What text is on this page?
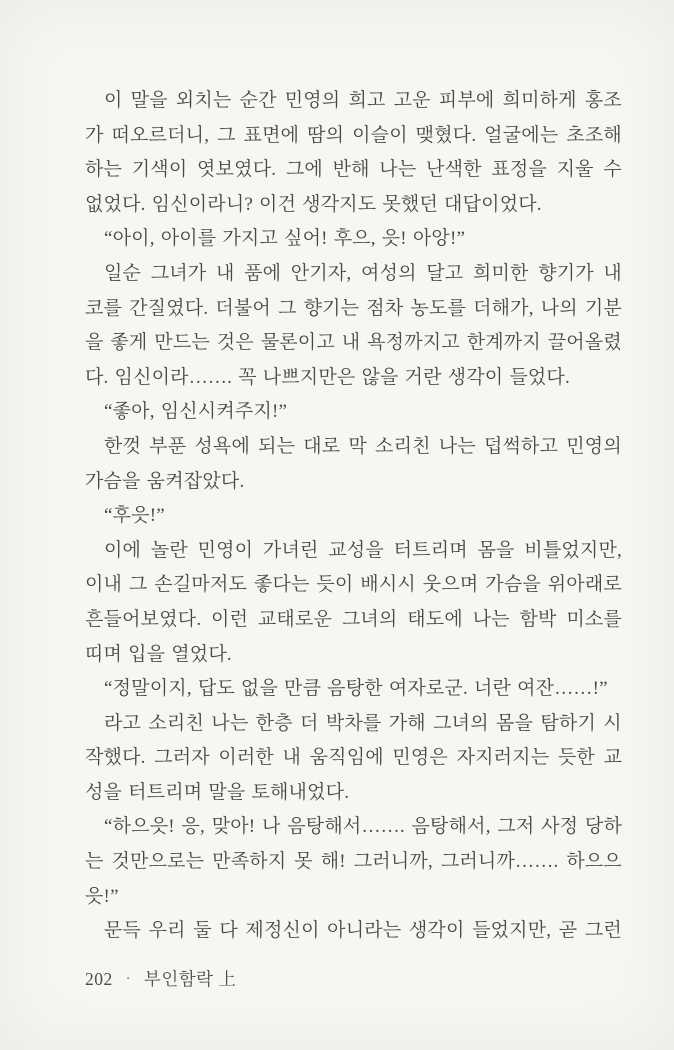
이 말을 외치는 순간 민영의 희고 고운 피부에 희미하게 홍조
가 떠오르더니, 그 표면에 땀의 이슬이 맺혔다. 얼굴에는 초조해
하는 기색이 엿보였다. 그에 반해 나는 난색한 표정을 지울 수
없었다. 임신이라니? 이건 생각지도 못했던 대답이었다.
“아이, 아이를 가지고 싶어! 후으, 읏! 아앙!”
일순 그녀가 내 품에 안기자, 여성의 달고 희미한 향기가 내
코를 간질였다. 더불어 그 향기는 점차 농도를 더해가, 나의 기분
을 좋게 만드는 것은 물론이고 내 욕정까지고 한계까지 끌어올렸
다. 임신이라……. 꼭 나쁘지만은 않을 거란 생각이 들었다.
“좋아, 임신시켜주지!”
한껏 부푼 성욕에 되는 대로 막 소리친 나는 덥썩하고 민영의
가슴을 움켜잡았다.
“후읏!”
이에 놀란 민영이 가녀린 교성을 터트리며 몸을 비틀었지만,
이내 그 손길마저도 좋다는 듯이 배시시 웃으며 가슴을 위아래로
흔들어보였다. 이런 교태로운 그녀의 태도에 나는 함박 미소를
띠며 입을 열었다.
“정말이지, 답도 없을 만큼 음탕한 여자로군. 너란 여잔……!”
라고 소리친 나는 한층 더 박차를 가해 그녀의 몸을 탐하기 시
작했다. 그러자 이러한 내 움직임에 민영은 자지러지는 듯한 교
성을 터트리며 말을 토해내었다.
“하으읏! 응, 맞아! 나 음탕해서……. 음탕해서, 그저 사정 당하
는 것만으로는 만족하지 못 해! 그러니까, 그러니까……. 하으으
읏!”
문득 우리 둘 다 제정신이 아니라는 생각이 들었지만, 곧 그런
202 · 부인함락 上
